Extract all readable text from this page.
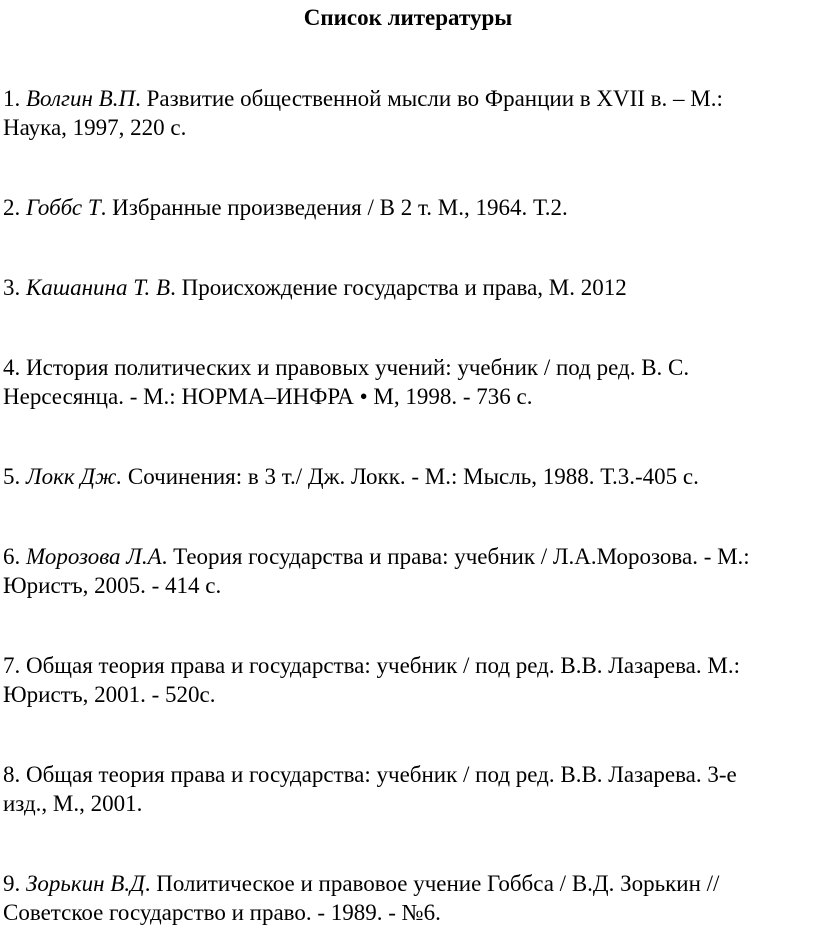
Список литературы

1. Волгин В.П. Развитие общественной мысли во Франции в XVII в. – М.:
Наука, 1997, 220 с.

2. Гоббс Т. Избранные произведения / В 2 т. М., 1964. Т.2.

3. Кашанина Т. В. Происхождение государства и права, М. 2012

4. История политических и правовых учений: учебник / под ред. В. С.
Нерсесянца. - М.: НОРМА–ИНФРА • М, 1998. - 736 с.

5. Локк Дж. Сочинения: в 3 т./ Дж. Локк. - М.: Мысль, 1988. Т.3.-405 с.

6. Морозова Л.А. Теория государства и права: учебник / Л.А.Морозова. - М.:
Юристъ, 2005. - 414 с.

7. Общая теория права и государства: учебник / под ред. В.В. Лазарева. М.:
Юристъ, 2001. - 520с.

8. Общая теория права и государства: учебник / под ред. В.В. Лазарева. 3-е
изд., М., 2001.

9. Зорькин В.Д. Политическое и правовое учение Гоббса / В.Д. Зорькин //
Советское государство и право. - 1989. - №6.
